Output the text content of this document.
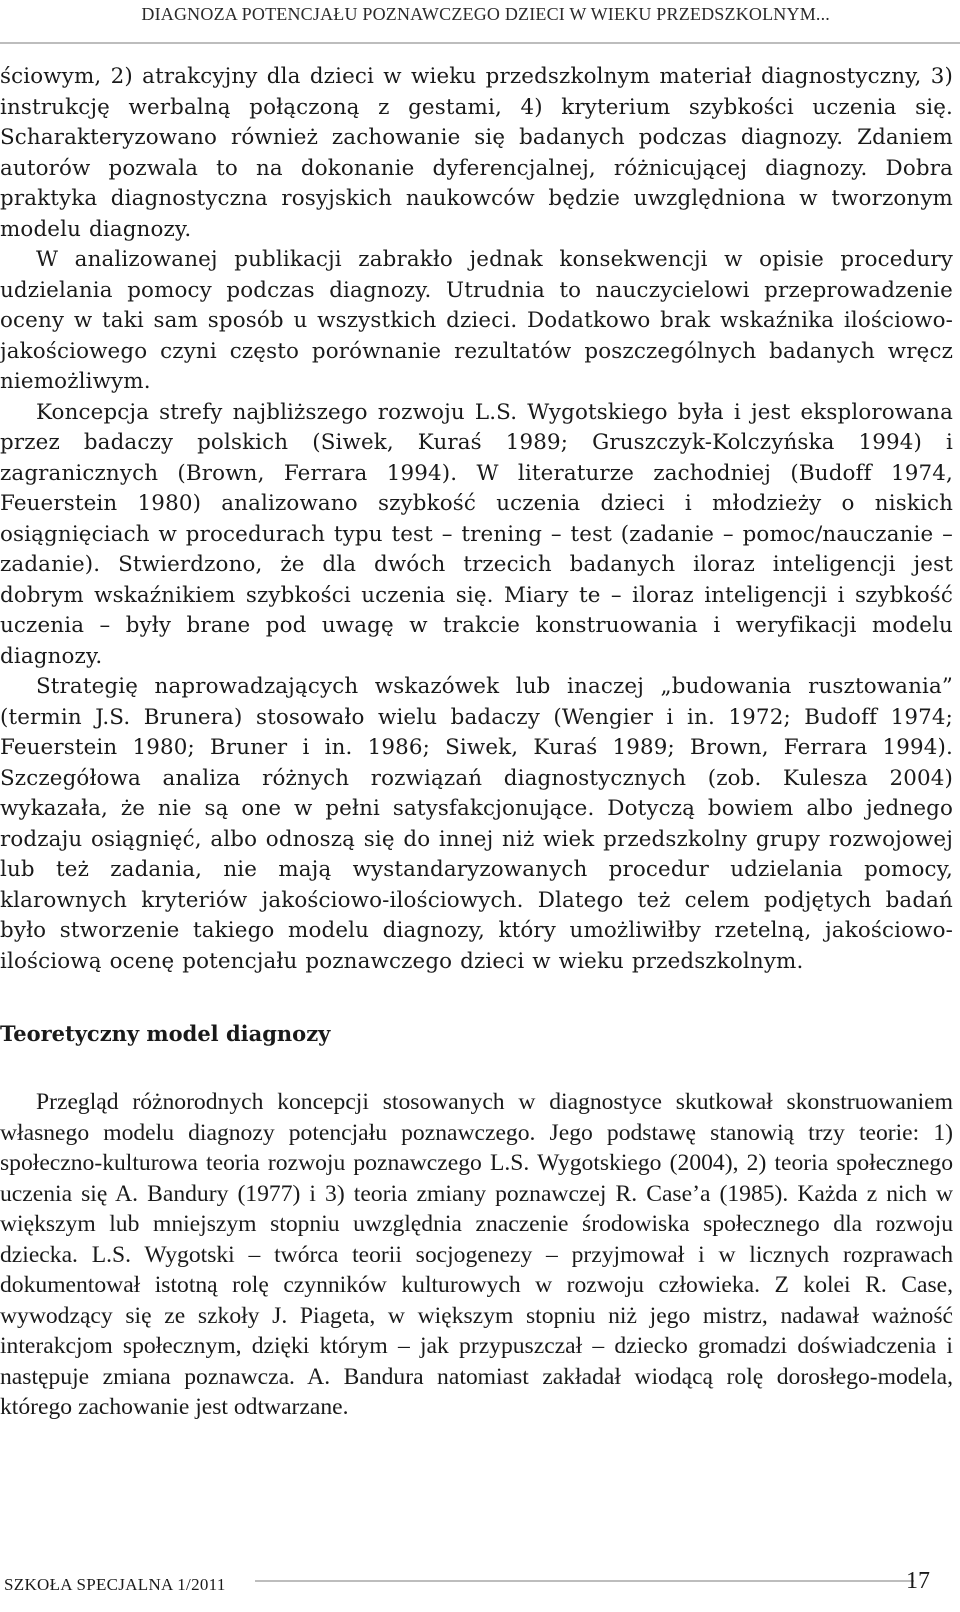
DIAGNOZA POTENCJAŁU POZNAWCZEGO DZIECI W WIEKU PRZEDSZKOLNYM...

ściowym, 2) atrakcyjny dla dzieci w wieku przedszkolnym materiał diagnostyczny, 3) instrukcję werbalną połączoną z gestami, 4) kryterium szybkości uczenia się. Scharakteryzowano również zachowanie się badanych podczas diagnozy. Zdaniem autorów pozwala to na dokonanie dyferencjalnej, różnicującej diagnozy. Dobra praktyka diagnostyczna rosyjskich naukowców będzie uwzględniona w tworzonym modelu diagnozy.

W analizowanej publikacji zabrakło jednak konsekwencji w opisie procedury udzielania pomocy podczas diagnozy. Utrudnia to nauczycielowi przeprowadzenie oceny w taki sam sposób u wszystkich dzieci. Dodatkowo brak wskaźnika ilościowo-jakościowego czyni często porównanie rezultatów poszczególnych badanych wręcz niemożliwym.

Koncepcja strefy najbliższego rozwoju L.S. Wygotskiego była i jest eksplorowana przez badaczy polskich (Siwek, Kuraś 1989; Gruszczyk-Kolczyńska 1994) i zagranicznych (Brown, Ferrara 1994). W literaturze zachodniej (Budoff 1974, Feuerstein 1980) analizowano szybkość uczenia dzieci i młodzieży o niskich osiągnięciach w procedurach typu test – trening – test (zadanie – pomoc/nauczanie – zadanie). Stwierdzono, że dla dwóch trzecich badanych iloraz inteligencji jest dobrym wskaźnikiem szybkości uczenia się. Miary te – iloraz inteligencji i szybkość uczenia – były brane pod uwagę w trakcie konstruowania i weryfikacji modelu diagnozy.

Strategię naprowadzających wskazówek lub inaczej „budowania rusztowania” (termin J.S. Brunera) stosowało wielu badaczy (Wengier i in. 1972; Budoff 1974; Feuerstein 1980; Bruner i in. 1986; Siwek, Kuraś 1989; Brown, Ferrara 1994). Szczegółowa analiza różnych rozwiązań diagnostycznych (zob. Kulesza 2004) wykazała, że nie są one w pełni satysfakcjonujące. Dotyczą bowiem albo jednego rodzaju osiągnięć, albo odnoszą się do innej niż wiek przedszkolny grupy rozwojowej lub też zadania, nie mają wystandaryzowanych procedur udzielania pomocy, klarownych kryteriów jakościowo-ilościowych. Dlatego też celem podjętych badań było stworzenie takiego modelu diagnozy, który umożliwiłby rzetelną, jakościowo-ilościową ocenę potencjału poznawczego dzieci w wieku przedszkolnym.

Teoretyczny model diagnozy

Przegląd różnorodnych koncepcji stosowanych w diagnostyce skutkował skonstruowaniem własnego modelu diagnozy potencjału poznawczego. Jego podstawę stanowią trzy teorie: 1) społeczno-kulturowa teoria rozwoju poznawczego L.S. Wygotskiego (2004), 2) teoria społecznego uczenia się A. Bandury (1977) i 3) teoria zmiany poznawczej R. Case’a (1985). Każda z nich w większym lub mniejszym stopniu uwzględnia znaczenie środowiska społecznego dla rozwoju dziecka. L.S. Wygotski – twórca teorii socjogenezy – przyjmował i w licznych rozprawach dokumentował istotną rolę czynników kulturowych w rozwoju człowieka. Z kolei R. Case, wywodzący się ze szkoły J. Piageta, w większym stopniu niż jego mistrz, nadawał ważność interakcjom społecznym, dzięki którym – jak przypuszczał – dziecko gromadzi doświadczenia i następuje zmiana poznawcza. A. Bandura natomiast zakładał wiodącą rolę dorosłego-modela, którego zachowanie jest odtwarzane.

SZKOŁA SPECJALNA 1/2011	17
